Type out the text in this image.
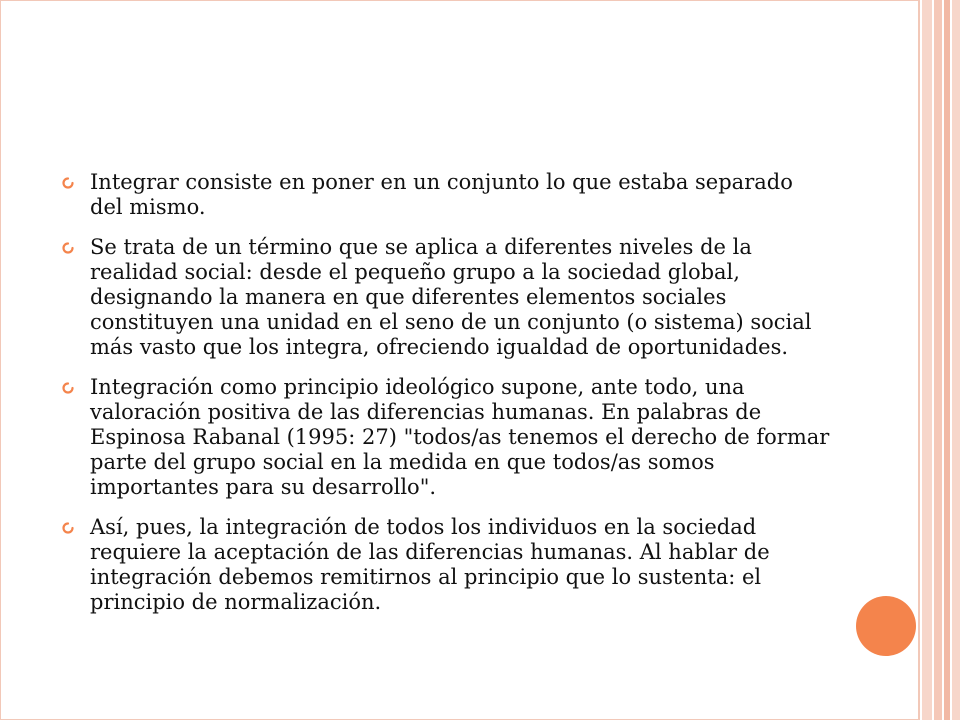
Integrar consiste en poner en un conjunto lo que estaba separado del mismo.
Se trata de un término que se aplica a diferentes niveles de la realidad social: desde el pequeño grupo a la sociedad global, designando la manera en que diferentes elementos sociales constituyen una unidad en el seno de un conjunto (o sistema) social más vasto que los integra, ofreciendo igualdad de oportunidades.
Integración como principio ideológico supone, ante todo, una valoración positiva de las diferencias humanas. En palabras de Espinosa Rabanal (1995: 27) "todos/as tenemos el derecho de formar parte del grupo social en la medida en que todos/as somos importantes para su desarrollo".
Así, pues, la integración de todos los individuos en la sociedad requiere la aceptación de las diferencias humanas. Al hablar de integración debemos remitirnos al principio que lo sustenta: el principio de normalización.
